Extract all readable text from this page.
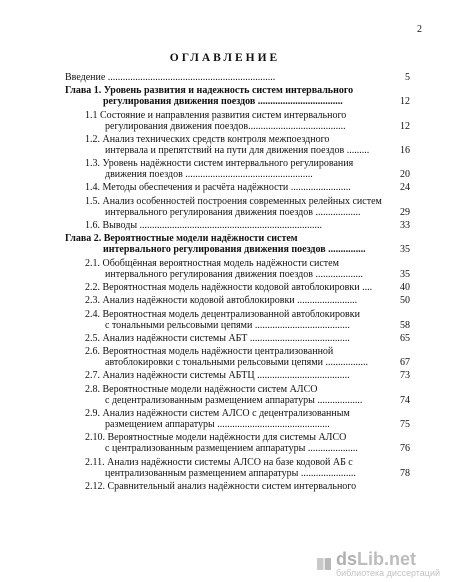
2
ОГЛАВЛЕНИЕ
Введение ...................................................................	5
Глава 1. Уровень развития и надежность систем интервального
регулирования движения поездов ..................................	12
1.1 Состояние и направления развития систем интервального
регулирования движения поездов.......................................	12
1.2. Анализ технических средств контроля межпоездного
интервала и препятствий на пути для движения поездов .........	16
1.3. Уровень надёжности систем интервального регулирования
движения поездов ...................................................	20
1.4. Методы обеспечения и расчёта надёжности ........................	24
1.5. Анализ особенностей построения современных релейных систем
интервального регулирования движения поездов ..................	29
1.6. Выводы .........................................................................	33
Глава 2. Вероятностные модели надёжности систем
интервального регулирования движения поездов ...............	35
2.1. Обобщённая вероятностная модель надёжности систем
интервального регулирования движения поездов ...................	35
2.2. Вероятностная модель надёжности кодовой автоблокировки ....	40
2.3. Анализ надёжности кодовой автоблокировки ........................	50
2.4. Вероятностная модель децентрализованной автоблокировки
с тональными рельсовыми цепями ......................................	58
2.5. Анализ надёжности системы АБТ ........................................	65
2.6. Вероятностная модель надёжности централизованной
автоблокировки с тональными рельсовыми цепями .................	67
2.7. Анализ надёжности системы АБТЦ .....................................	73
2.8. Вероятностные модели надёжности систем АЛСО
с децентрализованным размещением аппаратуры ..................	74
2.9. Анализ надёжности систем АЛСО с децентрализованным
размещением аппаратуры .............................................	75
2.10. Вероятностные модели надёжности для системы АЛСО
с централизованным размещением аппаратуры ....................	76
2.11. Анализ надёжности системы АЛСО на базе кодовой АБ с
централизованным размещением аппаратуры ......................	78
2.12. Сравнительный анализ надёжности систем интервального
dsLib.net
библиотека диссертаций
